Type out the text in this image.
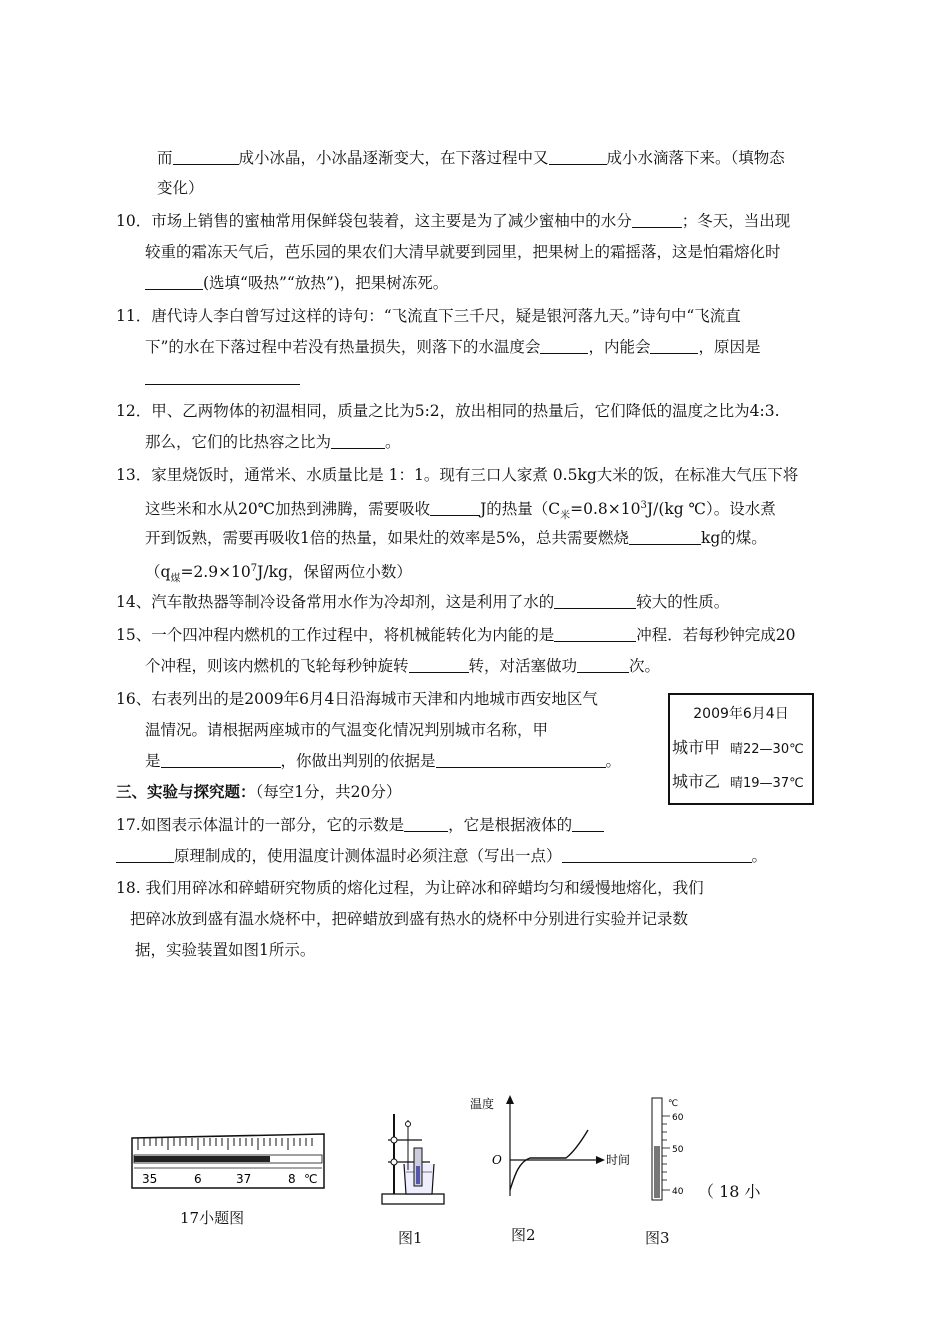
而	成小冰晶，小冰晶逐渐变大，在下落过程中又	成小水滴落下来。（填物态
变化）
10．市场上销售的蜜柚常用保鲜袋包装着，这主要是为了减少蜜柚中的水分	；冬天，当出现
较重的霜冻天气后，芭乐园的果农们大清早就要到园里，把果树上的霜摇落，这是怕霜熔化时
(选填“吸热”“放热”)，把果树冻死。
11．唐代诗人李白曾写过这样的诗句：“飞流直下三千尺，疑是银河落九天。”诗句中“飞流直
下”的水在下落过程中若没有热量损失，则落下的水温度会	，内能会	，原因是
12．甲、乙两物体的初温相同，质量之比为5:2，放出相同的热量后，它们降低的温度之比为4:3.
那么，它们的比热容之比为	。
13．家里烧饭时，通常米、水质量比是 1：1。现有三口人家煮 0.5kg大米的饭，在标准大气压下将
这些米和水从20℃加热到沸腾，需要吸收	J的热量（$C_米=0.8\times 10^3J/(kg$ ℃）。设水煮
开到饭熟，需要再吸收1倍的热量，如果灶的效率是5%，总共需要燃烧	kg的煤。
（$q_煤=2.9\times 10^7J/kg$，保留两位小数）
14、汽车散热器等制冷设备常用水作为冷却剂，这是利用了水的	较大的性质。
15、一个四冲程内燃机的工作过程中，将机械能转化为内能的是	冲程．若每秒钟完成20
个冲程，则该内燃机的飞轮每秒钟旋转	转，对活塞做功	次。
16、右表列出的是2009年6月4日沿海城市天津和内地城市西安地区气
温情况。请根据两座城市的气温变化情况判别城市名称，甲
是	，你做出判别的依据是	。
2009年6月4日
城市甲 晴22—30℃
城市乙 晴19—37℃
三、实验与探究题：（每空1分，共20分）
17.如图表示体温计的一部分，它的示数是	，它是根据液体的
原理制成的，使用温度计测体温时必须注意（写出一点）	。
18. 我们用碎冰和碎蜡研究物质的熔化过程，为让碎冰和碎蜡均匀和缓慢地熔化，我们
把碎冰放到盛有温水烧杯中，把碎蜡放到盛有热水的烧杯中分别进行实验并记录数
据，实验装置如图1所示。
35	6	37	8 ℃
17小题图
图1
温度
时间
O
图2
℃
60
50
40
图3
（ 18 小
